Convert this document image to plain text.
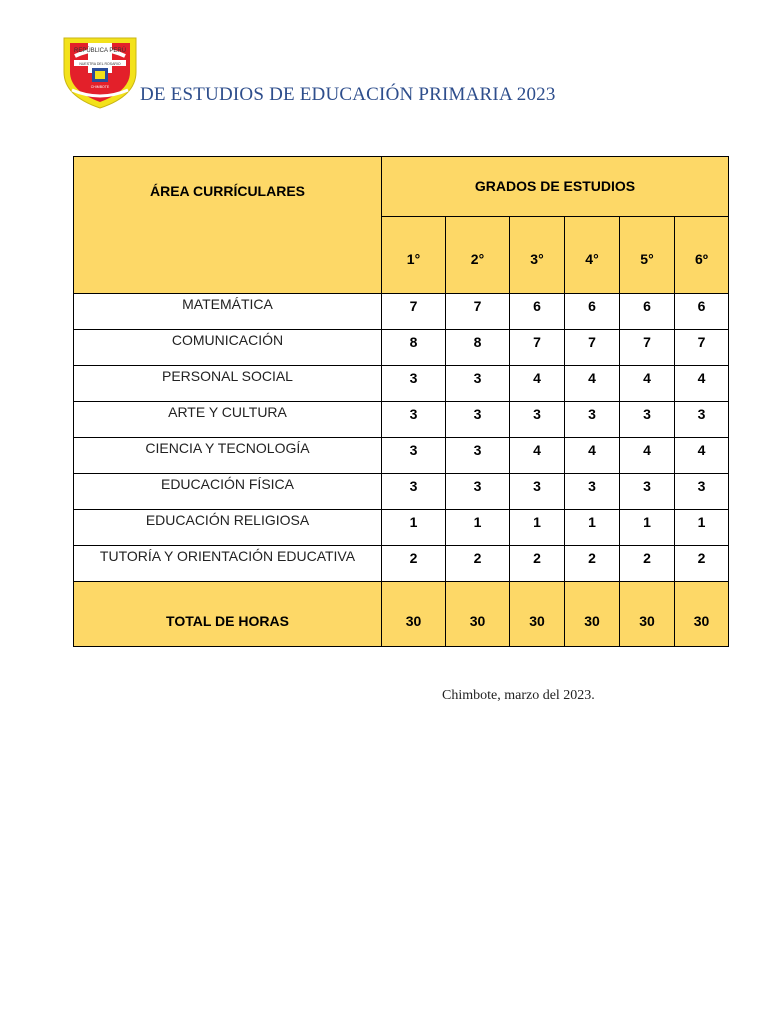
REPÚBLICA PERÚ
NUESTRA DEL ROSARIO
CHIMBOTE DE ESTUDIOS DE EDUCACIÓN PRIMARIA 2023
ÁREA CURRÍCULARES	GRADOS DE ESTUDIOS					
	1°	2°	3°	4°	5°	6º
MATEMÁTICA	7	7	6	6	6	6
COMUNICACIÓN	8	8	7	7	7	7
PERSONAL SOCIAL	3	3	4	4	4	4
ARTE Y CULTURA	3	3	3	3	3	3
CIENCIA Y TECNOLOGÍA	3	3	4	4	4	4
EDUCACIÓN FÍSICA	3	3	3	3	3	3
EDUCACIÓN RELIGIOSA	1	1	1	1	1	1
TUTORÍA Y ORIENTACIÓN EDUCATIVA	2	2	2	2	2	2
TOTAL DE HORAS	30	30	30	30	30	30
Chimbote, marzo del 2023.
